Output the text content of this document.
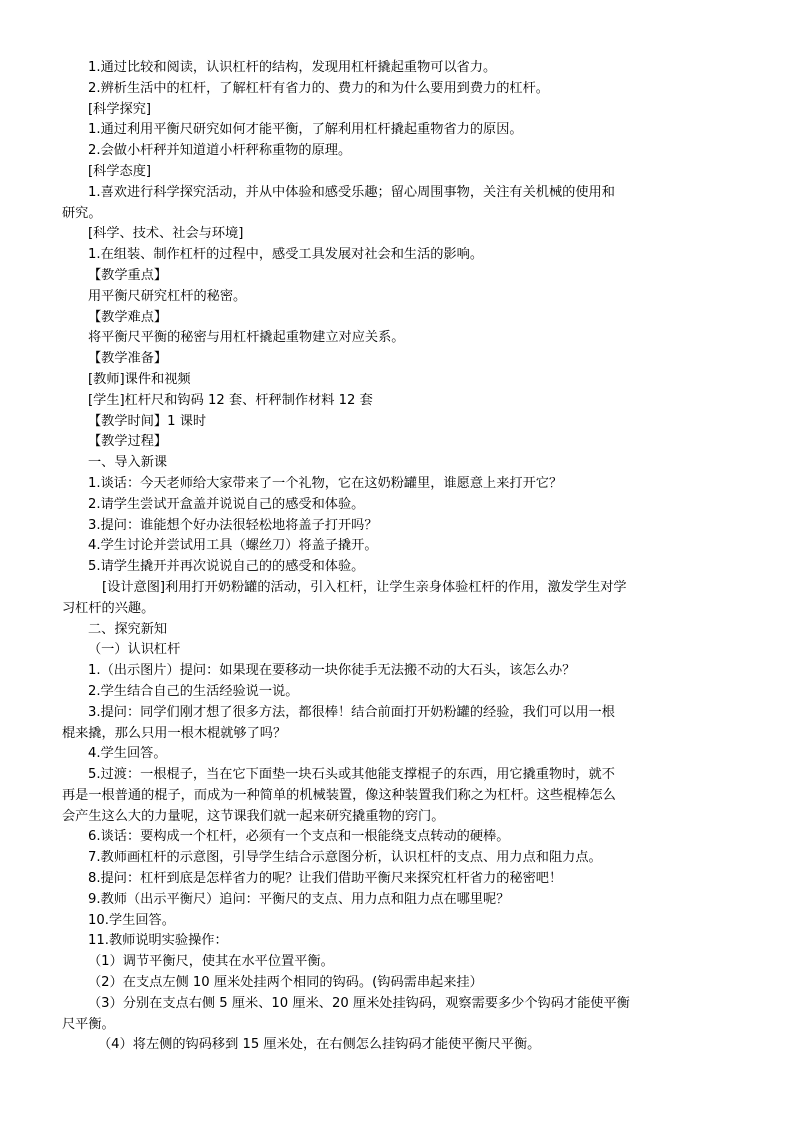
1.通过比较和阅读，认识杠杆的结构，发现用杠杆撬起重物可以省力。

2.辨析生活中的杠杆，了解杠杆有省力的、费力的和为什么要用到费力的杠杆。

[科学探究]

1.通过利用平衡尺研究如何才能平衡，了解利用杠杆撬起重物省力的原因。

2.会做小杆秤并知道道小杆秤称重物的原理。

[科学态度]

1.喜欢进行科学探究活动，并从中体验和感受乐趣；留心周围事物，关注有关机械的使用和

研究。

[科学、技术、社会与环境]

1.在组装、制作杠杆的过程中，感受工具发展对社会和生活的影响。

【教学重点】

用平衡尺研究杠杆的秘密。

【教学难点】

将平衡尺平衡的秘密与用杠杆撬起重物建立对应关系。

【教学准备】

[教师]课件和视频

[学生]杠杆尺和钩码 12 套、杆秤制作材料 12 套

【教学时间】1 课时

【教学过程】

一、导入新课

1.谈话：今天老师给大家带来了一个礼物，它在这奶粉罐里，谁愿意上来打开它？

2.请学生尝试开盒盖并说说自己的感受和体验。

3.提问：谁能想个好办法很轻松地将盖子打开吗？

4.学生讨论并尝试用工具（螺丝刀）将盖子撬开。

5.请学生撬开并再次说说自己的的感受和体验。

[设计意图]利用打开奶粉罐的活动，引入杠杆，让学生亲身体验杠杆的作用，激发学生对学

习杠杆的兴趣。

二、探究新知

（一）认识杠杆

1.（出示图片）提问：如果现在要移动一块你徒手无法搬不动的大石头，该怎么办？

2.学生结合自己的生活经验说一说。

3.提问：同学们刚才想了很多方法，都很棒！结合前面打开奶粉罐的经验，我们可以用一根

棍来撬，那么只用一根木棍就够了吗？

4.学生回答。

5.过渡：一根棍子，当在它下面垫一块石头或其他能支撑棍子的东西，用它撬重物时，就不

再是一根普通的棍子，而成为一种简单的机械装置，像这种装置我们称之为杠杆。这些棍棒怎么

会产生这么大的力量呢，这节课我们就一起来研究撬重物的窍门。

6.谈话：要构成一个杠杆，必须有一个支点和一根能绕支点转动的硬棒。

7.教师画杠杆的示意图，引导学生结合示意图分析，认识杠杆的支点、用力点和阻力点。

8.提问：杠杆到底是怎样省力的呢？让我们借助平衡尺来探究杠杆省力的秘密吧！

9.教师（出示平衡尺）追问：平衡尺的支点、用力点和阻力点在哪里呢？

10.学生回答。

11.教师说明实验操作：

（1）调节平衡尺，使其在水平位置平衡。

（2）在支点左侧 10 厘米处挂两个相同的钩码。(钩码需串起来挂）

（3）分别在支点右侧 5 厘米、10 厘米、20 厘米处挂钩码，观察需要多少个钩码才能使平衡

尺平衡。

（4）将左侧的钩码移到 15 厘米处，在右侧怎么挂钩码才能使平衡尺平衡。
